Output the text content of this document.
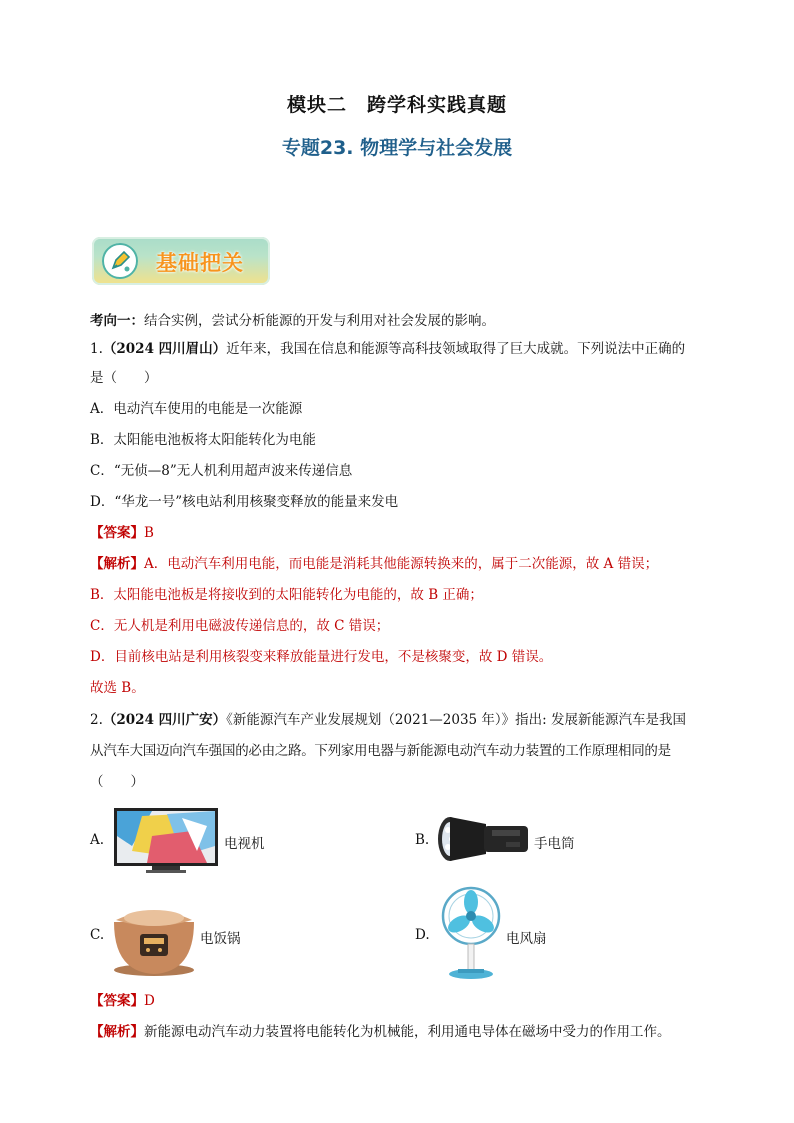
模块二　跨学科实践真题
专题23. 物理学与社会发展
基础把关
考向一：结合实例，尝试分析能源的开发与利用对社会发展的影响。
1.（2024 四川眉山）近年来，我国在信息和能源等高科技领域取得了巨大成就。下列说法中正确的
是（　　）
A．电动汽车使用的电能是一次能源
B．太阳能电池板将太阳能转化为电能
C．“无侦—8”无人机利用超声波来传递信息
D．“华龙一号”核电站利用核聚变释放的能量来发电
【答案】B
【解析】A．电动汽车利用电能，而电能是消耗其他能源转换来的，属于二次能源，故 A 错误；
B．太阳能电池板是将接收到的太阳能转化为电能的，故 B 正确；
C．无人机是利用电磁波传递信息的，故 C 错误；
D．目前核电站是利用核裂变来释放能量进行发电，不是核聚变，故 D 错误。
故选 B。
2.（2024 四川广安）《新能源汽车产业发展规划（2021—2035 年）》指出: 发展新能源汽车是我国
从汽车大国迈向汽车强国的必由之路。下列家用电器与新能源电动汽车动力装置的工作原理相同的是
（　　）
A.	电视机	B.	手电筒
C.	电饭锅	D.	电风扇
【答案】D
【解析】新能源电动汽车动力装置将电能转化为机械能，利用通电导体在磁场中受力的作用工作。
